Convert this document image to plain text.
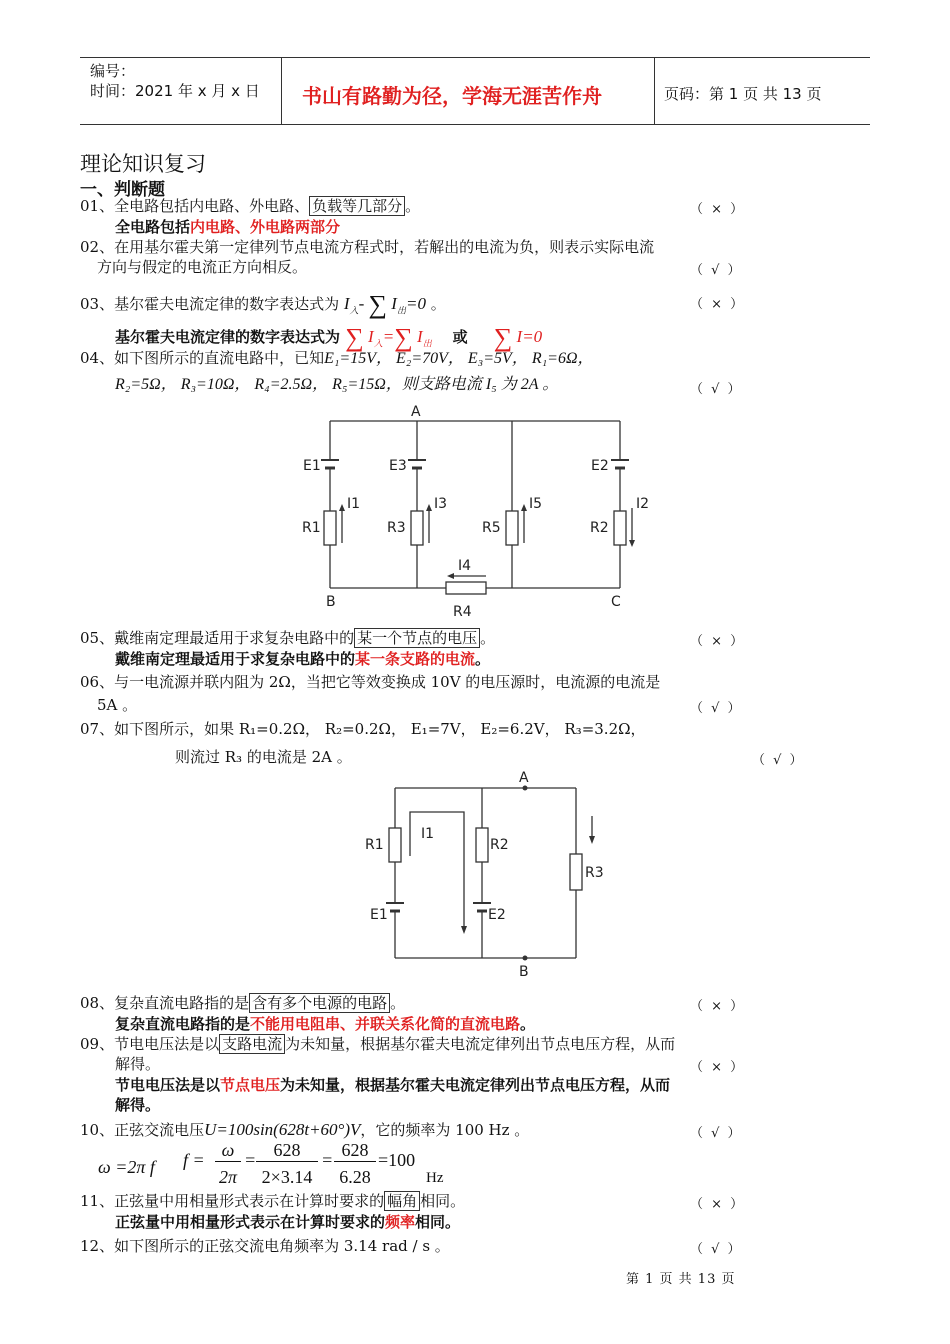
编号：
时间：2021 年 x 月 x 日 书山有路勤为径，学海无涯苦作舟	页码：第 1 页 共 13 页
理论知识复习
一、判断题
01、全电路包括内电路、外电路、 负载等几部分 。	（ × ）
全电路包括内电路、外电路两部分
02、在用基尔霍夫第一定律列节点电流方程式时，若解出的电流为负，则表示实际电流
方向与假定的电流正方向相反。	（ √ ）
03、基尔霍夫电流定律的数字表达式为 $I_入-$ ∑ $I_出=0$ 。	（ × ）
基尔霍夫电流定律的数字表达式为 ∑ $I_入=\sum$ $I_出$ 或 ∑ I=0
04、如下图所示的直流电路中，已知E₁=15V， E₂=70V， E₃=5V， R₁=6Ω，
R₂=5Ω， R₃=10Ω， R₄=2.5Ω， R₅=15Ω，则支路电流 I₅ 为 2A 。	（ √ ）
A
B	C
E1	E3	E2
R1	R3	R5	R2
R4
I1	I3	I5	I2
I4
05、戴维南定理最适用于求复杂电路中的 某一个节点的电压 。	（ × ）
戴维南定理最适用于求复杂电路中的某一条支路的电流。
06、与一电流源并联内阻为 2Ω，当把它等效变换成 10V 的电压源时，电流源的电流是
5A 。	（ √ ）
07、如下图所示，如果 R₁=0.2Ω， R₂=0.2Ω， E₁=7V， E₂=6.2V， R₃=3.2Ω，
则流过 R₃ 的电流是 2A 。	（ √ ）
A
B
R1	R2
R3
E1	E2
I1
08、复杂直流电路指的是 含有多个电源的电路 。	（ × ）
复杂直流电路指的是不能用电阻串、并联关系化简的直流电路。
09、节电电压法是以 支路电流 为未知量，根据基尔霍夫电流定律列出节点电压方程，从而
解得。	（ × ）
节电电压法是以节点电压为未知量，根据基尔霍夫电流定律列出节点电压方程，从而
解得。
10、正弦交流电压U=100sin(628t+60°)V，它的频率为 100 Hz 。	（ √ ）
ω =2π f f = ω
2π
= 628
2×3.14
= 628
6.28
=100
Hz
11、正弦量中用相量形式表示在计算时要求的 幅角 相同。	（ × ）
正弦量中用相量形式表示在计算时要求的频率相同。
12、如下图所示的正弦交流电角频率为 3.14 rad / s 。	（ √ ）
第 1 页 共 13 页
